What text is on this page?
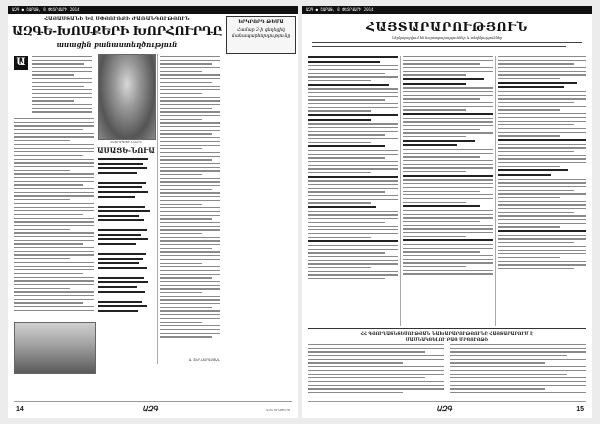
ԱԶԳ ● ՇԱԲԱԹ, 8 ՓԵՏՐՎԱՐԻ 2014
ՀԱՅԱՍՏԱՆԻ ԵՎ ՍՓՅՈՒՌՔԻ ԺԱՌԱՆԳՈՒԹՅՈՒՆ
ԱԶԳԵ-ԽՈՍՔԵՐԻ ԽՈՐՀՈՒՐԴԸ
ասացին բանաստեղծություն
ԵՐԿՐՈՐԴ ԹԵՄԱ
Համար 2-ի գեղեցիկ ճանապարհորդությունը
Ա
ՀԱՅՐԱՊԵՏԻ ՆԿԱՐԸ
Ա. ՏԵՐ-ՍԱՐԳՍՅԱՆ
ԱՍԱՑԵ-ՆՈՒԱ
14	ԱԶԳ	ԱԶԳ ՕՐԱԹԵՐԹ
ԱԶԳ ● ՇԱԲԱԹ, 8 ՓԵՏՐՎԱՐԻ 2014
ՀԱՅՏԱՐԱՐՈՒԹՅՈՒՆ
Ներկայացվում են հայտարարություններ և տեղեկություններ
ՀՀ ԳՅՈՒՂԱՏՆՏԵՍՈՒԹՅԱՆ ՆԱԽԱՐԱՐՈՒԹՅՈՒՆԸ ՀԱՅՏԱՐԱՐՈՒՄ Է
ՄԱՍՆԱԿՑԵԼՈՒ ԲԱՑ ՄՐՑՈՒՅԹԻ
ԱԶԳ	15
